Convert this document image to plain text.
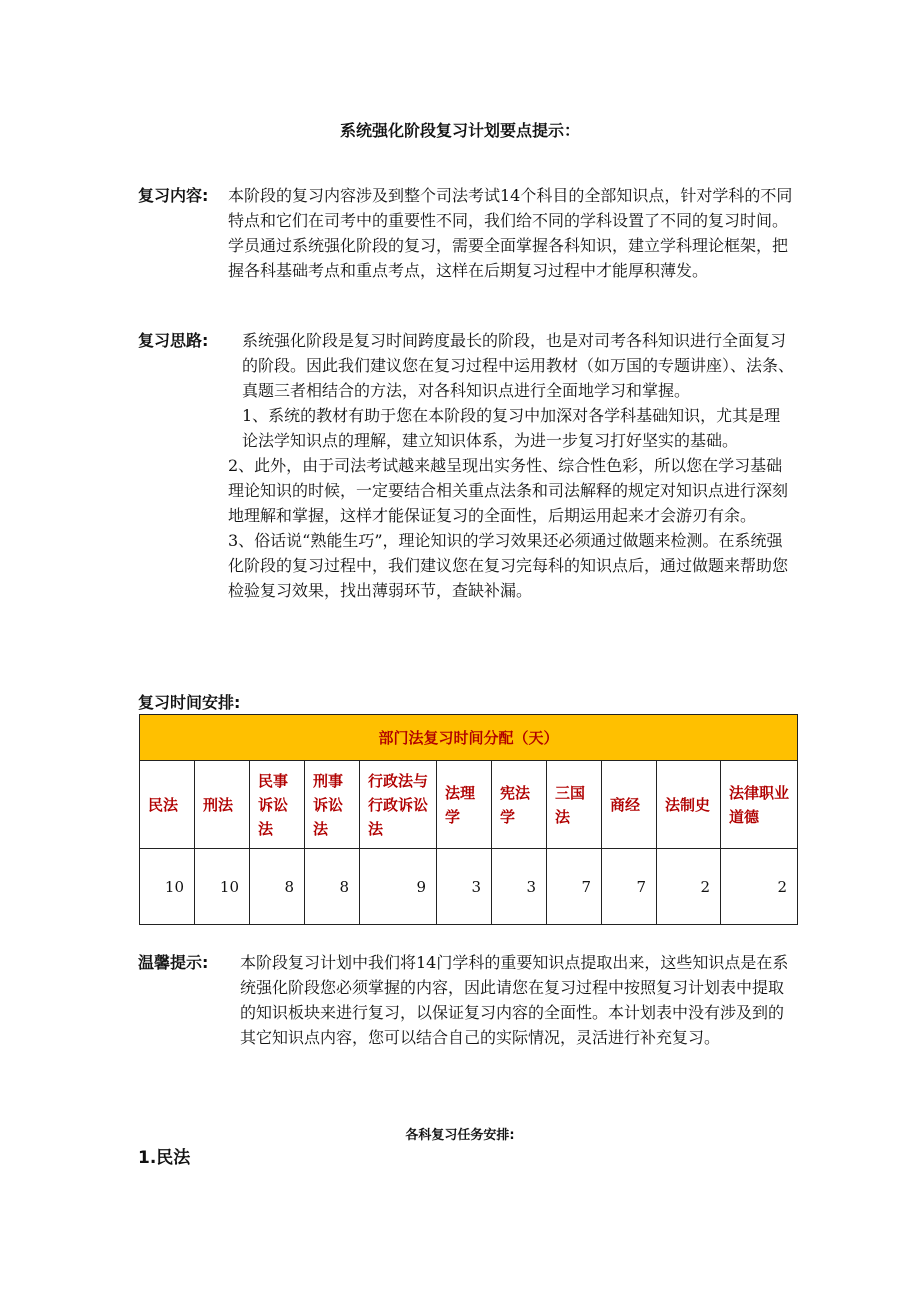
系统强化阶段复习计划要点提示：
复习内容: 本阶段的复习内容涉及到整个司法考试14个科目的全部知识点，针对学科的不同特点和它们在司考中的重要性不同，我们给不同的学科设置了不同的复习时间。学员通过系统强化阶段的复习，需要全面掌握各科知识，建立学科理论框架，把握各科基础考点和重点考点，这样在后期复习过程中才能厚积薄发。

复习思路:	系统强化阶段是复习时间跨度最长的阶段，也是对司考各科知识进行全面复习的阶段。因此我们建议您在复习过程中运用教材（如万国的专题讲座）、法条、真题三者相结合的方法，对各科知识点进行全面地学习和掌握。

1、系统的教材有助于您在本阶段的复习中加深对各学科基础知识，尤其是理论法学知识点的理解，建立知识体系，为进一步复习打好坚实的基础。

2、此外，由于司法考试越来越呈现出实务性、综合性色彩，所以您在学习基础理论知识的时候，一定要结合相关重点法条和司法解释的规定对知识点进行深刻地理解和掌握，这样才能保证复习的全面性，后期运用起来才会游刃有余。

3、俗话说“熟能生巧”，理论知识的学习效果还必须通过做题来检测。在系统强化阶段的复习过程中，我们建议您在复习完每科的知识点后，通过做题来帮助您检验复习效果，找出薄弱环节，查缺补漏。

复习时间安排:
部门法复习时间分配（天）										
民法	刑法	民事诉讼法	刑事诉讼法	行政法与行政诉讼法	法理学	宪法学	三国法	商经	法制史	法律职业道德
10	10	8	8	9	3	3	7	7	2	2
温馨提示: 本阶段复习计划中我们将14门学科的重要知识点提取出来，这些知识点是在系统强化阶段您必须掌握的内容，因此请您在复习过程中按照复习计划表中提取的知识板块来进行复习，以保证复习内容的全面性。本计划表中没有涉及到的其它知识点内容，您可以结合自己的实际情况，灵活进行补充复习。

各科复习任务安排:
1.民法
